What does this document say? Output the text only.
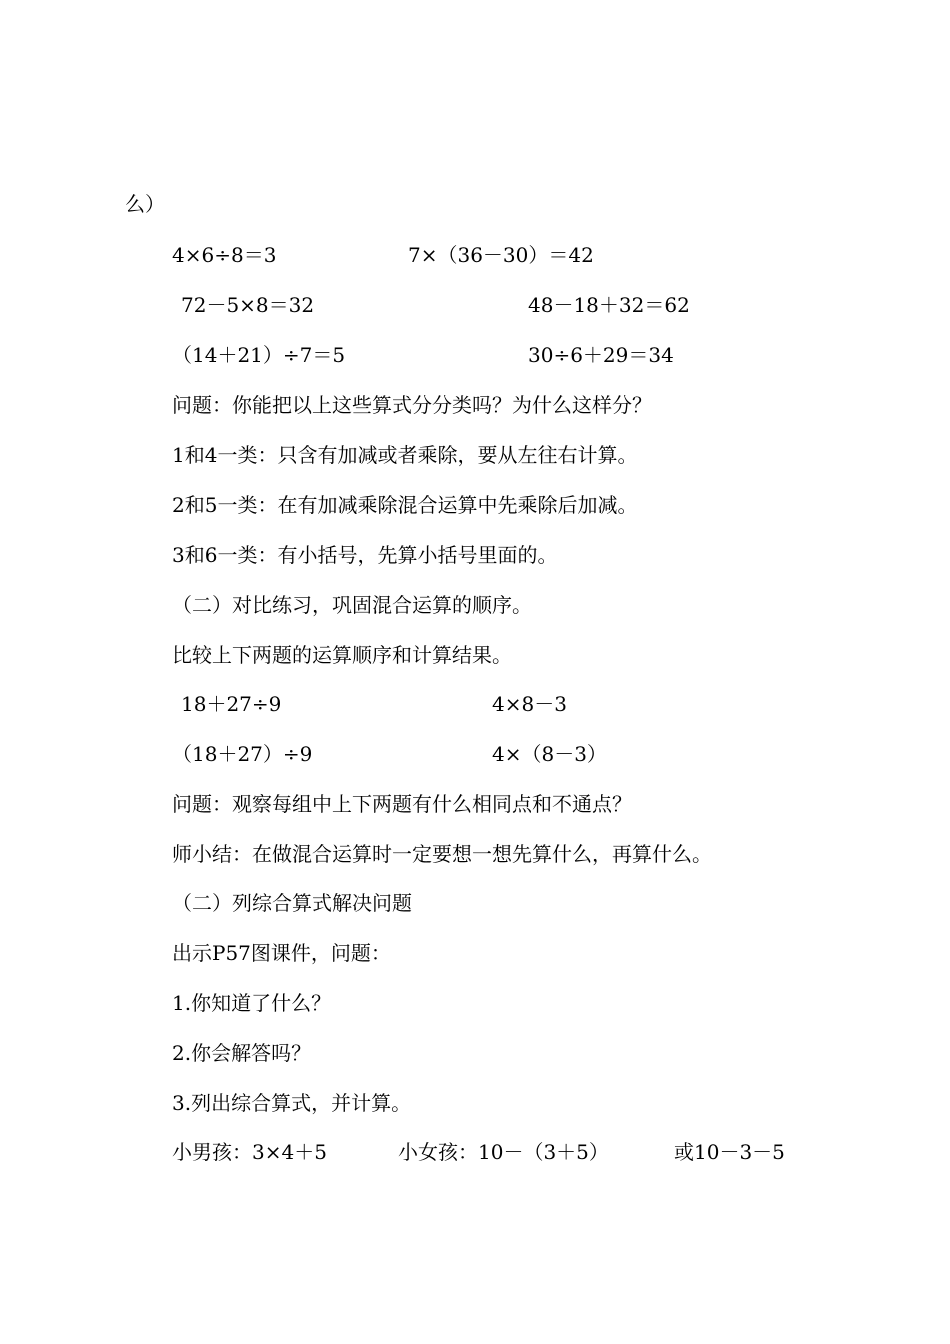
么）
4×6÷8＝3	7×（36－30）＝42
72－5×8＝32	48－18＋32＝62
（14＋21）÷7＝5	30÷6＋29＝34
问题：你能把以上这些算式分分类吗？为什么这样分？
1和4一类：只含有加减或者乘除，要从左往右计算。
2和5一类：在有加减乘除混合运算中先乘除后加减。
3和6一类：有小括号，先算小括号里面的。
（二）对比练习，巩固混合运算的顺序。
比较上下两题的运算顺序和计算结果。
18＋27÷9	4×8－3
（18＋27）÷9	4×（8－3）
问题：观察每组中上下两题有什么相同点和不通点？
师小结：在做混合运算时一定要想一想先算什么，再算什么。
（二）列综合算式解决问题
出示P57图课件，问题：
1.你知道了什么？
2.你会解答吗？
3.列出综合算式，并计算。
小男孩：3×4＋5	小女孩：10－（3＋5）	或10－3－5
